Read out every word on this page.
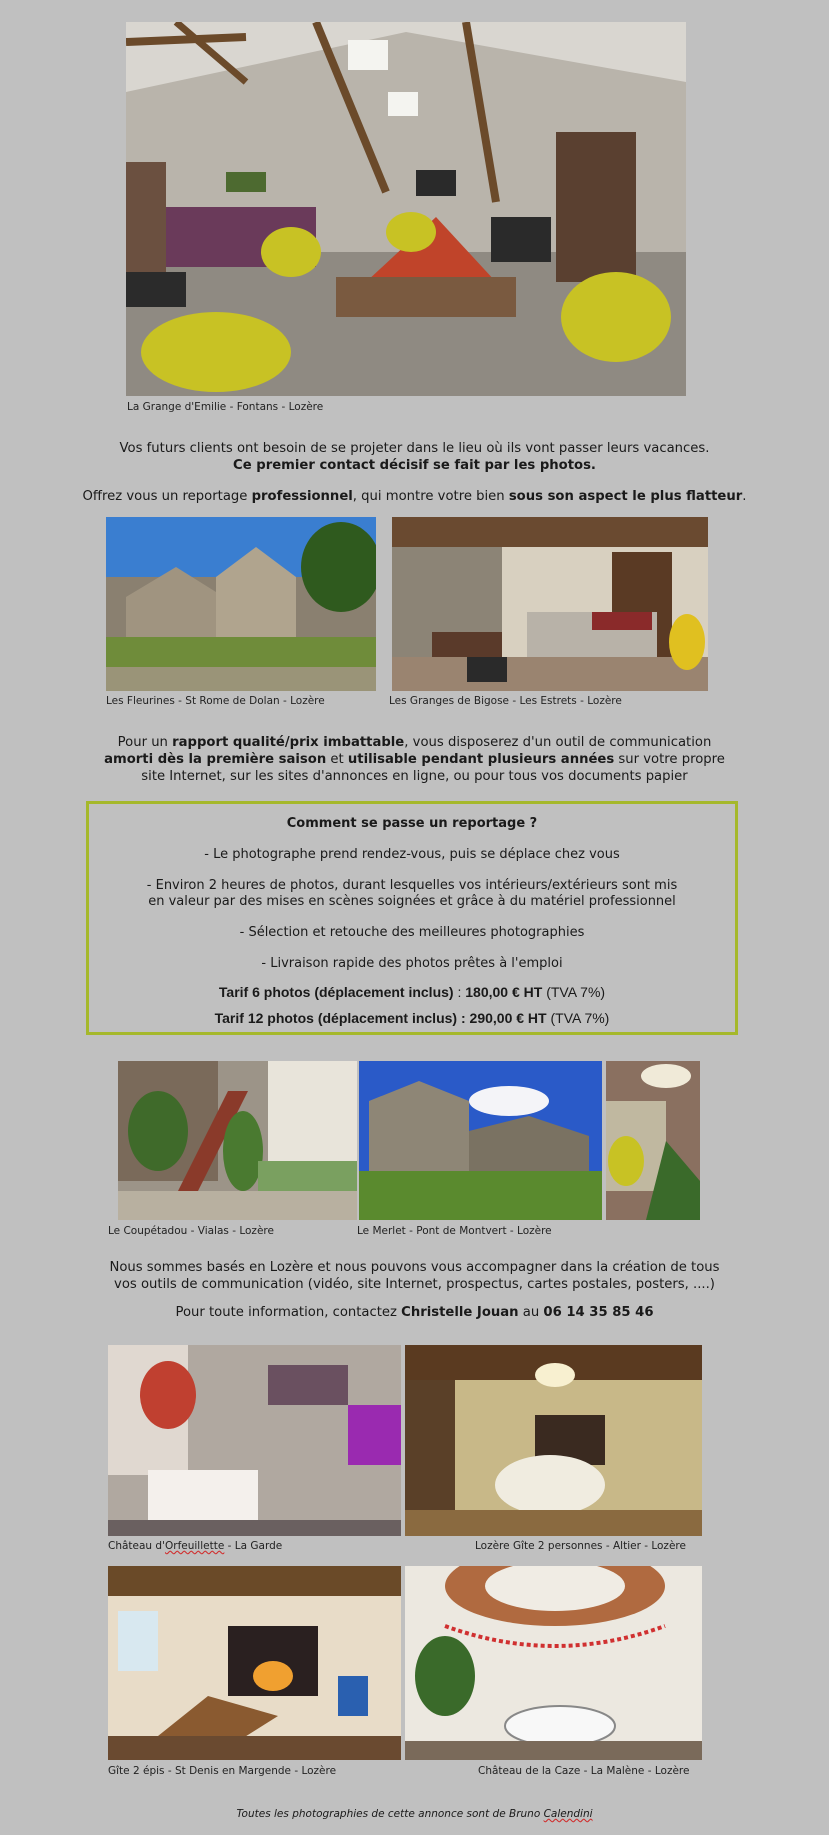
La Grange d'Emilie - Fontans - Lozère
Vos futurs clients ont besoin de se projeter dans le lieu où ils vont passer leurs vacances.
Ce premier contact décisif se fait par les photos.
Offrez vous un reportage professionnel, qui montre votre bien sous son aspect le plus flatteur.
Les Fleurines - St Rome de Dolan - Lozère	Les Granges de Bigose - Les Estrets - Lozère
Pour un rapport qualité/prix imbattable, vous disposerez d'un outil de communication
amorti dès la première saison et utilisable pendant plusieurs années sur votre propre
site Internet, sur les sites d'annonces en ligne, ou pour tous vos documents papier
Comment se passe un reportage ?
- Le photographe prend rendez-vous, puis se déplace chez vous
- Environ 2 heures de photos, durant lesquelles vos intérieurs/extérieurs sont mis
en valeur par des mises en scènes soignées et grâce à du matériel professionnel
- Sélection et retouche des meilleures photographies
- Livraison rapide des photos prêtes à l'emploi
Tarif 6 photos (déplacement inclus) : 180,00 € HT (TVA 7%)
Tarif 12 photos (déplacement inclus) : 290,00 € HT (TVA 7%)
Le Coupétadou - Vialas - Lozère	Le Merlet - Pont de Montvert - Lozère
Nous sommes basés en Lozère et nous pouvons vous accompagner dans la création de tous
vos outils de communication (vidéo, site Internet, prospectus, cartes postales, posters, ....)
Pour toute information, contactez Christelle Jouan au 06 14 35 85 46
Château d'Orfeuillette - La Garde	Lozère Gîte 2 personnes - Altier - Lozère
Gîte 2 épis - St Denis en Margende - Lozère	Château de la Caze - La Malène - Lozère
Toutes les photographies de cette annonce sont de Bruno Calendini
